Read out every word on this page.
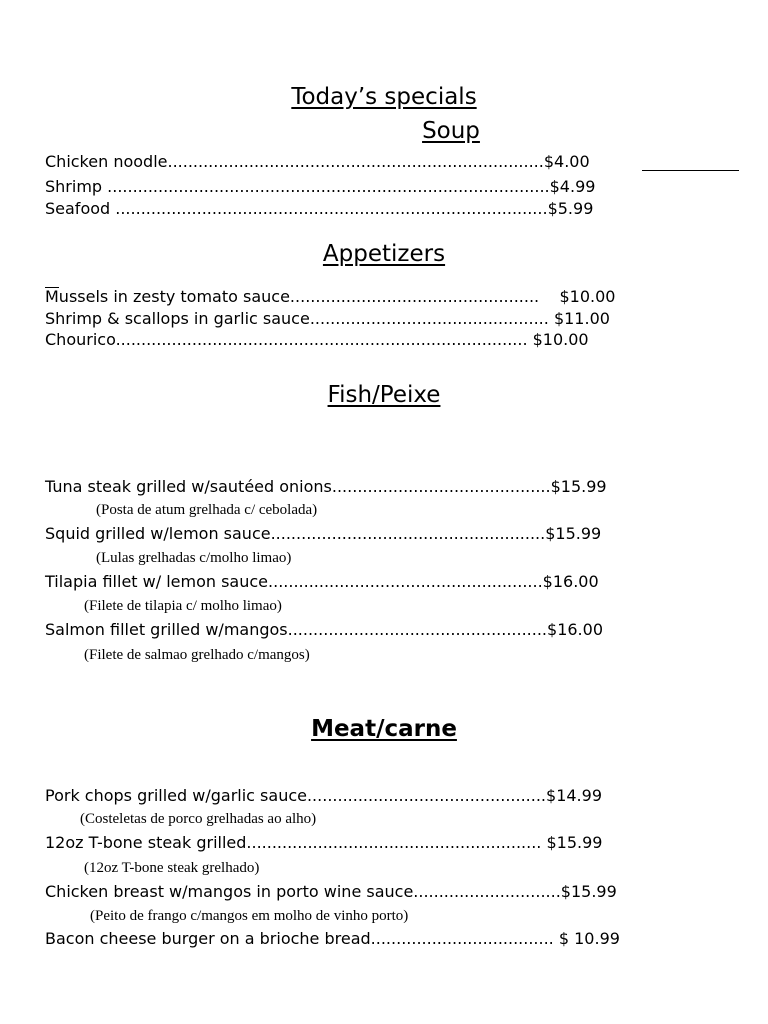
Today’s specials
Soup
Chicken noodle..........................................................................$4.00
Shrimp .......................................................................................$4.99
Seafood .....................................................................................$5.99
Appetizers
Mussels in zesty tomato sauce.................................................    $10.00
Shrimp & scallops in garlic sauce............................................... $11.00
Chourico................................................................................. $10.00
Fish/Peixe
Tuna steak grilled w/sautéed onions...........................................$15.99
(Posta de atum grelhada c/ cebolada)
Squid grilled w/lemon sauce......................................................$15.99
(Lulas grelhadas c/molho limao)
Tilapia fillet w/ lemon sauce......................................................$16.00
(Filete de tilapia c/ molho limao)
Salmon fillet grilled w/mangos...................................................$16.00
(Filete de salmao grelhado c/mangos)
Meat/carne
Pork chops grilled w/garlic sauce...............................................$14.99
(Costeletas de porco grelhadas ao alho)
12oz T-bone steak grilled.......................................................... $15.99
(12oz T-bone steak grelhado)
Chicken breast w/mangos in porto wine sauce.............................$15.99
(Peito de frango c/mangos em molho de vinho porto)
Bacon cheese burger on a brioche bread.................................... $ 10.99
